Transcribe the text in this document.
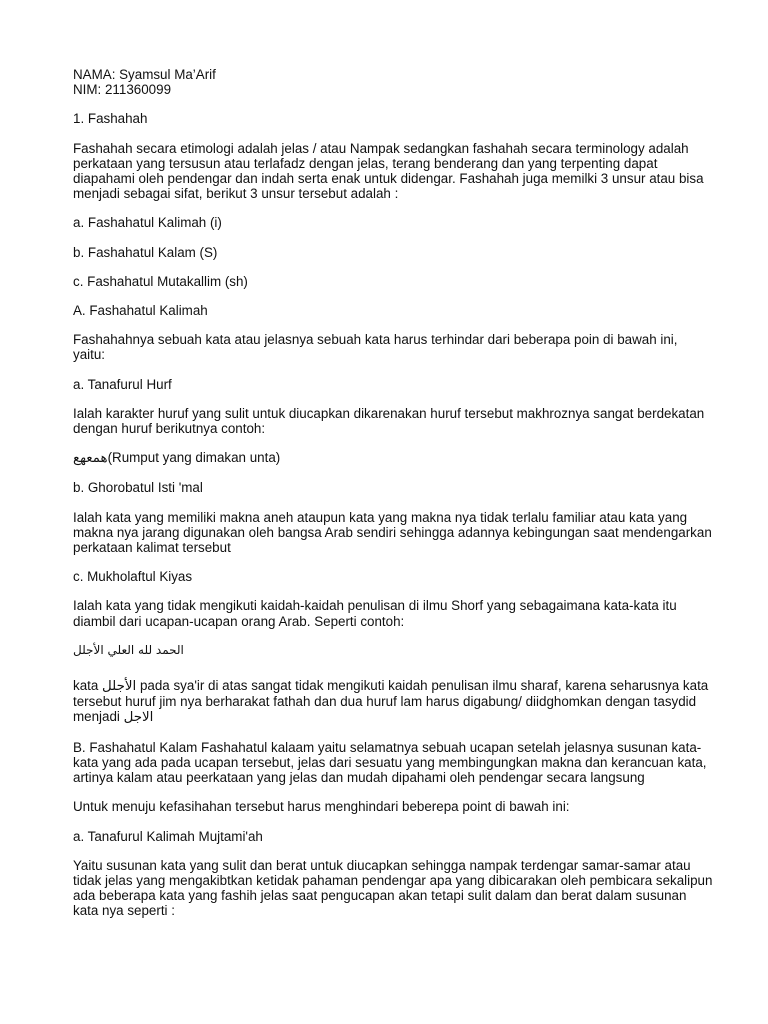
NAMA: Syamsul Ma’Arif

NIM: 211360099

1. Fashahah

Fashahah secara etimologi adalah jelas / atau Nampak sedangkan fashahah secara terminology adalah perkataan yang tersusun atau terlafadz dengan jelas, terang benderang dan yang terpenting dapat diapahami oleh pendengar dan indah serta enak untuk didengar. Fashahah juga memilki 3 unsur atau bisa menjadi sebagai sifat, berikut 3 unsur tersebut adalah :

a. Fashahatul Kalimah (i)

b. Fashahatul Kalam (S)

c. Fashahatul Mutakallim (sh)

A. Fashahatul Kalimah

Fashahahnya sebuah kata atau jelasnya sebuah kata harus terhindar dari beberapa poin di bawah ini, yaitu:

a. Tanafurul Hurf

Ialah karakter huruf yang sulit untuk diucapkan dikarenakan huruf tersebut makhroznya sangat berdekatan dengan huruf berikutnya contoh:

همعهع(Rumput yang dimakan unta)

b. Ghorobatul Isti 'mal

Ialah kata yang memiliki makna aneh ataupun kata yang makna nya tidak terlalu familiar atau kata yang makna nya jarang digunakan oleh bangsa Arab sendiri sehingga adannya kebingungan saat mendengarkan perkataan kalimat tersebut

c. Mukholaftul Kiyas

Ialah kata yang tidak mengikuti kaidah-kaidah penulisan di ilmu Shorf yang sebagaimana kata-kata itu diambil dari ucapan-ucapan orang Arab. Seperti contoh:

الحمد لله العلي الأجلل

kata الأجلل pada sya'ir di atas sangat tidak mengikuti kaidah penulisan ilmu sharaf, karena seharusnya kata tersebut huruf jim nya berharakat fathah dan dua huruf lam harus digabung/ diidghomkan dengan tasydid menjadi الاجل

B. Fashahatul Kalam Fashahatul kalaam yaitu selamatnya sebuah ucapan setelah jelasnya susunan kata-kata yang ada pada ucapan tersebut, jelas dari sesuatu yang membingungkan makna dan kerancuan kata, artinya kalam atau peerkataan yang jelas dan mudah dipahami oleh pendengar secara langsung

Untuk menuju kefasihahan tersebut harus menghindari beberepa point di bawah ini:

a. Tanafurul Kalimah Mujtami'ah

Yaitu susunan kata yang sulit dan berat untuk diucapkan sehingga nampak terdengar samar-samar atau tidak jelas yang mengakibtkan ketidak pahaman pendengar apa yang dibicarakan oleh pembicara sekalipun ada beberapa kata yang fashih jelas saat pengucapan akan tetapi sulit dalam dan berat dalam susunan kata nya seperti :
